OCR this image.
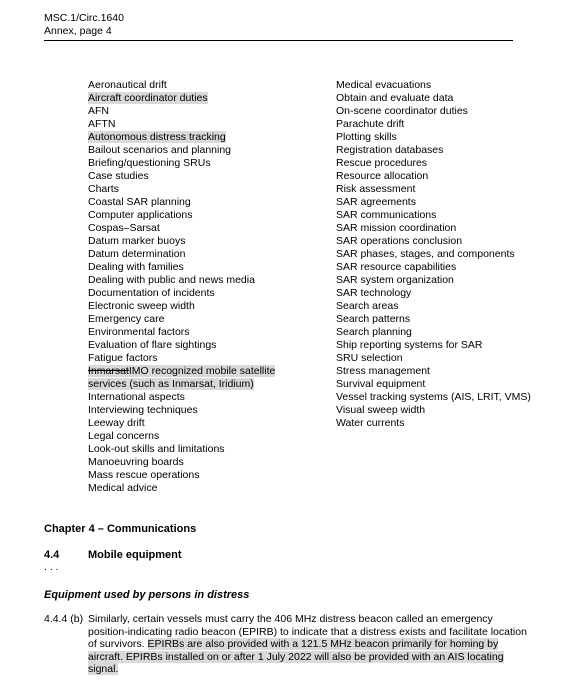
MSC.1/Circ.1640
Annex, page 4
Aeronautical drift
Aircraft coordinator duties
AFN
AFTN
Autonomous distress tracking
Bailout scenarios and planning
Briefing/questioning SRUs
Case studies
Charts
Coastal SAR planning
Computer applications
Cospas–Sarsat
Datum marker buoys
Datum determination
Dealing with families
Dealing with public and news media
Documentation of incidents
Electronic sweep width
Emergency care
Environmental factors
Evaluation of flare sightings
Fatigue factors
InmarsatIMO recognized mobile satellite services (such as Inmarsat, Iridium)
International aspects
Interviewing techniques
Leeway drift
Legal concerns
Look-out skills and limitations
Manoeuvring boards
Mass rescue operations
Medical advice
Medical evacuations
Obtain and evaluate data
On-scene coordinator duties
Parachute drift
Plotting skills
Registration databases
Rescue procedures
Resource allocation
Risk assessment
SAR agreements
SAR communications
SAR mission coordination
SAR operations conclusion
SAR phases, stages, and components
SAR resource capabilities
SAR system organization
SAR technology
Search areas
Search patterns
Search planning
Ship reporting systems for SAR
SRU selection
Stress management
Survival equipment
Vessel tracking systems (AIS, LRIT, VMS)
Visual sweep width
Water currents
Chapter 4 – Communications
4.4	Mobile equipment
. . .
Equipment used by persons in distress
4.4.4 (b) Similarly, certain vessels must carry the 406 MHz distress beacon called an emergency position-indicating radio beacon (EPIRB) to indicate that a distress exists and facilitate location of survivors. EPIRBs are also provided with a 121.5 MHz beacon primarily for homing by aircraft. EPIRBs installed on or after 1 July 2022 will also be provided with an AIS locating signal.
